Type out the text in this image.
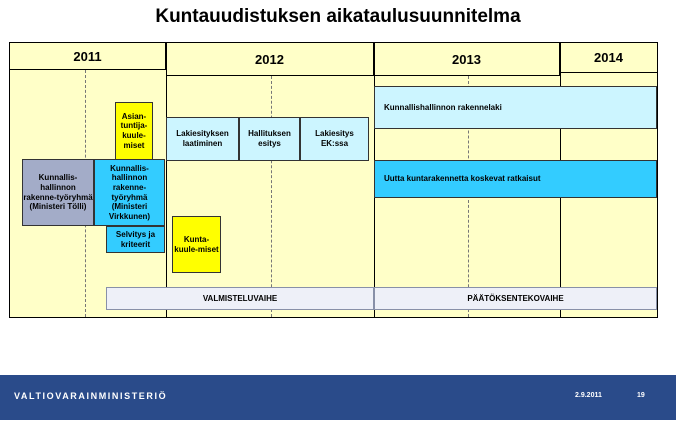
Kuntauudistuksen aikataulusuunnitelma
2011	2012	2013	2014
Kunnallishallinnon rakennelaki
Uutta kuntarakennetta koskevat ratkaisut
Lakiesityksen laatiminen
Hallituksen esitys
Lakiesitys EK:ssa
Asian-tuntija-kuule-miset
Kunnallis-hallinnon rakenne-työryhmä (Ministeri Tölli)
Kunnallis-hallinnon rakenne-työryhmä (Ministeri Virkkunen)
Selvitys ja kriteerit
Kunta-kuule-miset
VALMISTELUVAIHE	PÄÄTÖKSENTEKOVAIHE
VALTIOVARAINMINISTERIÖ	2.9.2011	19
